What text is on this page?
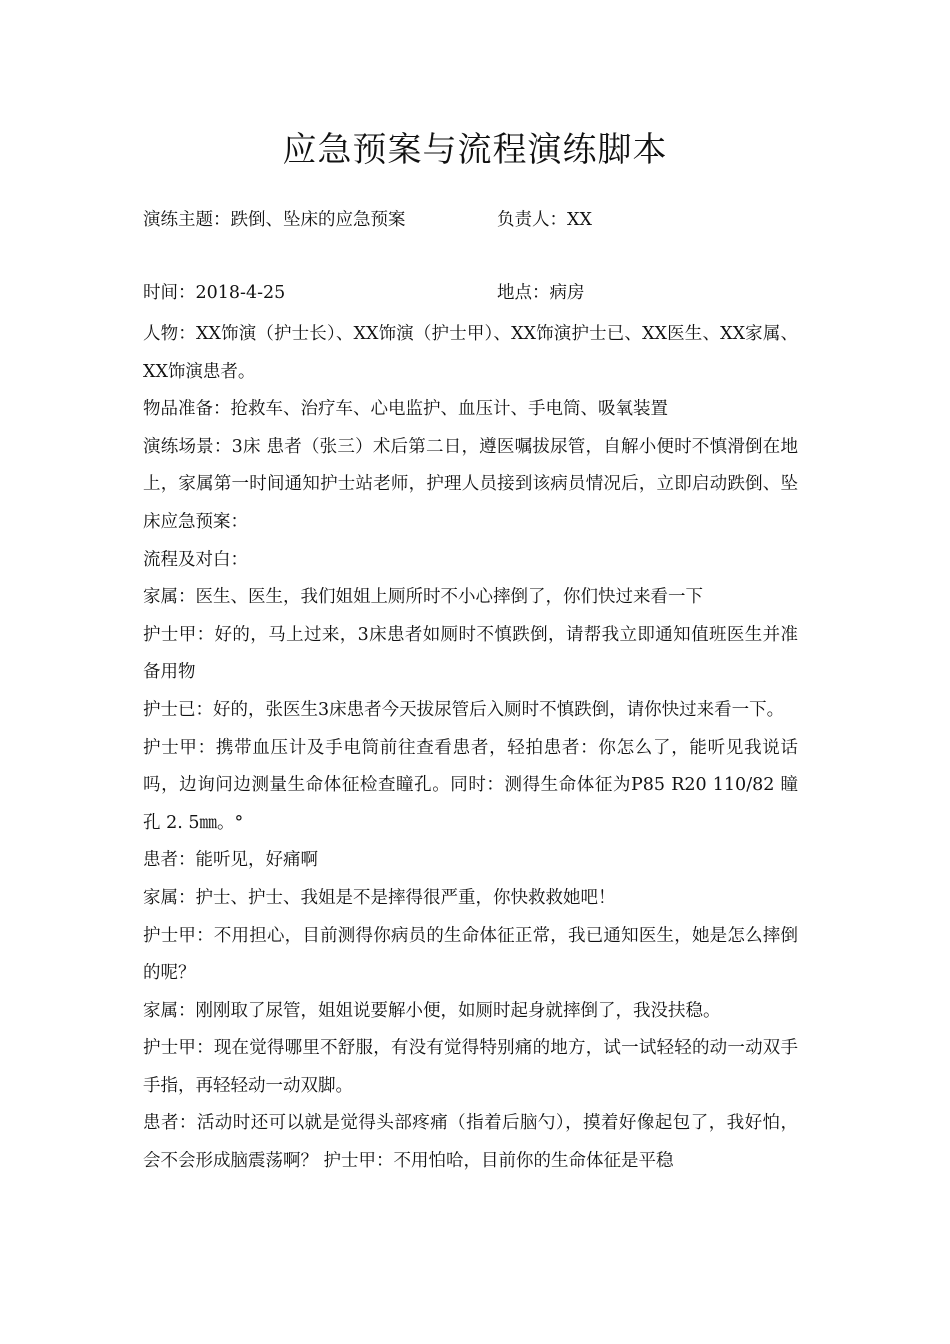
应急预案与流程演练脚本
演练主题：跌倒、坠床的应急预案	负责人：XX
时间：2018-4-25	地点：病房

人物：XX饰演（护士长）、XX饰演（护士甲）、XX饰演护士已、XX医生、XX家属、XX饰演患者。

物品准备：抢救车、治疗车、心电监护、血压计、手电筒、吸氧装置

演练场景：3床 患者（张三）术后第二日，遵医嘱拔尿管，自解小便时不慎滑倒在地上，家属第一时间通知护士站老师，护理人员接到该病员情况后，立即启动跌倒、坠床应急预案：

流程及对白：

家属：医生、医生，我们姐姐上厕所时不小心摔倒了，你们快过来看一下

护士甲：好的，马上过来，3床患者如厕时不慎跌倒，请帮我立即通知值班医生并准备用物

护士已：好的，张医生3床患者今天拔尿管后入厕时不慎跌倒，请你快过来看一下。

护士甲：携带血压计及手电筒前往查看患者，轻拍患者：你怎么了，能听见我说话吗，边询问边测量生命体征检查瞳孔。同时：测得生命体征为P85 R20 110/82 瞳孔 2. 5㎜。°

患者：能听见，好痛啊

家属：护士、护士、我姐是不是摔得很严重，你快救救她吧！

护士甲：不用担心，目前测得你病员的生命体征正常，我已通知医生，她是怎么摔倒的呢？

家属：刚刚取了尿管，姐姐说要解小便，如厕时起身就摔倒了，我没扶稳。

护士甲：现在觉得哪里不舒服，有没有觉得特别痛的地方，试一试轻轻的动一动双手手指，再轻轻动一动双脚。

患者：活动时还可以就是觉得头部疼痛（指着后脑勺），摸着好像起包了，我好怕，会不会形成脑震荡啊？ 护士甲：不用怕哈，目前你的生命体征是平稳
